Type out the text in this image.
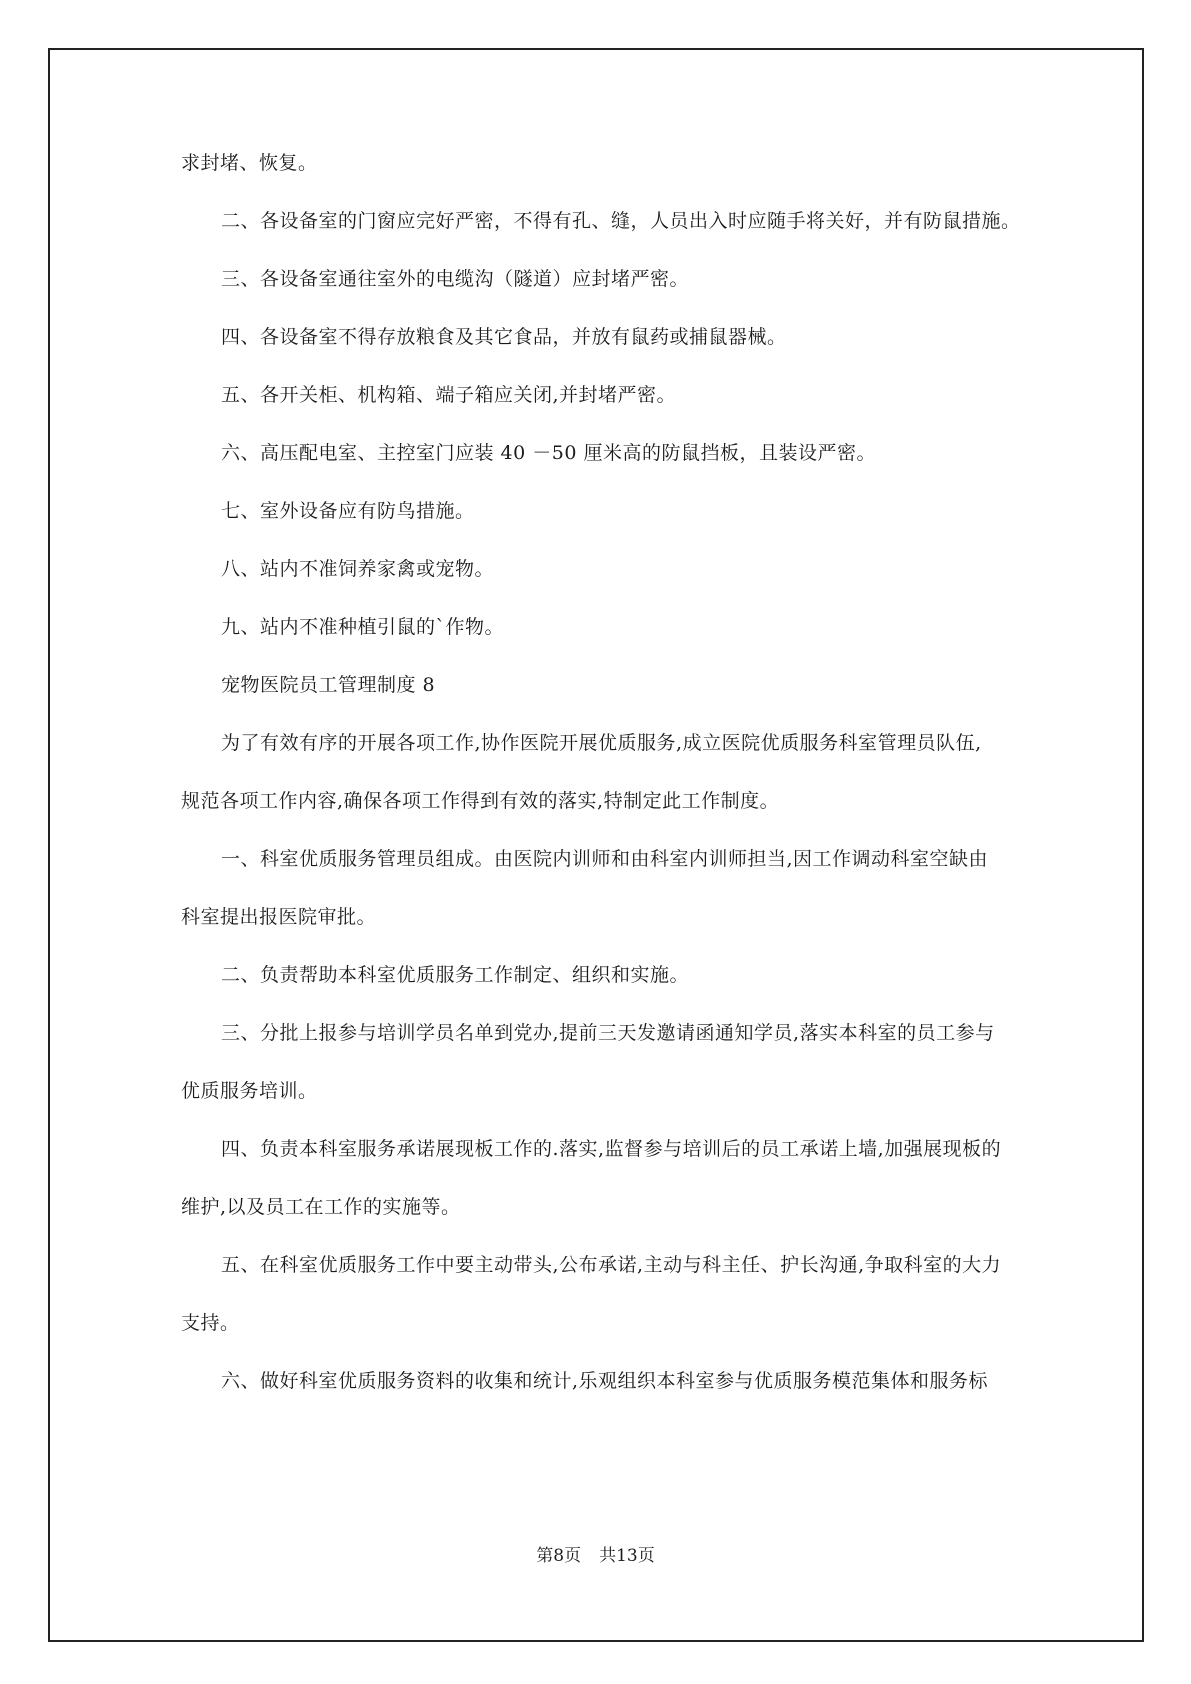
求封堵、恢复。
二、各设备室的门窗应完好严密，不得有孔、缝，人员出入时应随手将关好，并有防鼠措施。
三、各设备室通往室外的电缆沟（隧道）应封堵严密。
四、各设备室不得存放粮食及其它食品，并放有鼠药或捕鼠器械。
五、各开关柜、机构箱、端子箱应关闭,并封堵严密。
六、高压配电室、主控室门应装 40 －50 厘米高的防鼠挡板，且装设严密。
七、室外设备应有防鸟措施。
八、站内不准饲养家禽或宠物。
九、站内不准种植引鼠的`作物。
宠物医院员工管理制度 8
为了有效有序的开展各项工作,协作医院开展优质服务,成立医院优质服务科室管理员队伍,
规范各项工作内容,确保各项工作得到有效的落实,特制定此工作制度。
一、科室优质服务管理员组成。由医院内训师和由科室内训师担当,因工作调动科室空缺由
科室提出报医院审批。
二、负责帮助本科室优质服务工作制定、组织和实施。
三、分批上报参与培训学员名单到党办,提前三天发邀请函通知学员,落实本科室的员工参与
优质服务培训。
四、负责本科室服务承诺展现板工作的.落实,监督参与培训后的员工承诺上墙,加强展现板的
维护,以及员工在工作的实施等。
五、在科室优质服务工作中要主动带头,公布承诺,主动与科主任、护长沟通,争取科室的大力
支持。
六、做好科室优质服务资料的收集和统计,乐观组织本科室参与优质服务模范集体和服务标
第8页 共13页
